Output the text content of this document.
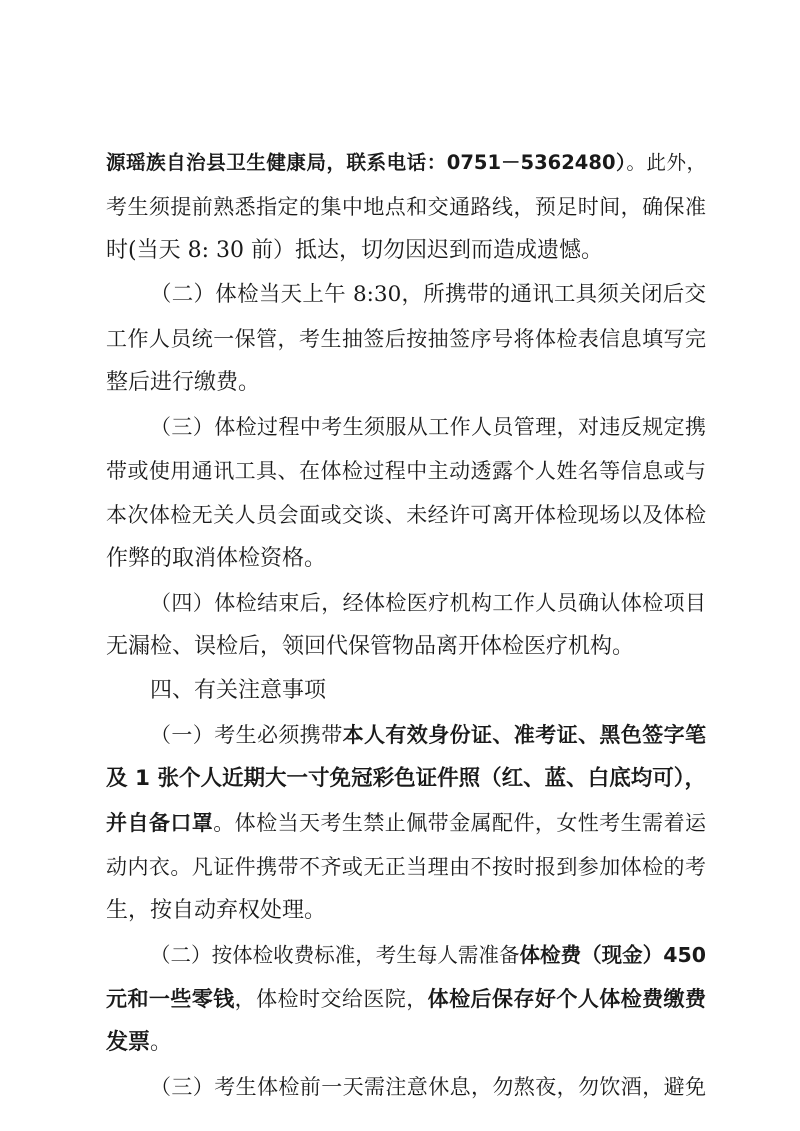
源瑶族自治县卫生健康局，联系电话：0751－5362480）。此外，
考生须提前熟悉指定的集中地点和交通路线，预足时间，确保准
时(当天 8: 30 前）抵达，切勿因迟到而造成遗憾。
（二）体检当天上午 8:30，所携带的通讯工具须关闭后交
工作人员统一保管，考生抽签后按抽签序号将体检表信息填写完
整后进行缴费。
（三）体检过程中考生须服从工作人员管理，对违反规定携
带或使用通讯工具、在体检过程中主动透露个人姓名等信息或与
本次体检无关人员会面或交谈、未经许可离开体检现场以及体检
作弊的取消体检资格。
（四）体检结束后，经体检医疗机构工作人员确认体检项目
无漏检、误检后，领回代保管物品离开体检医疗机构。
四、有关注意事项
（一）考生必须携带本人有效身份证、准考证、黑色签字笔
及 1 张个人近期大一寸免冠彩色证件照（红、蓝、白底均可），
并自备口罩。体检当天考生禁止佩带金属配件，女性考生需着运
动内衣。凡证件携带不齐或无正当理由不按时报到参加体检的考
生，按自动弃权处理。
（二）按体检收费标准，考生每人需准备体检费（现金）450
元和一些零钱，体检时交给医院，体检后保存好个人体检费缴费
发票。
（三）考生体检前一天需注意休息，勿熬夜，勿饮酒，避免
